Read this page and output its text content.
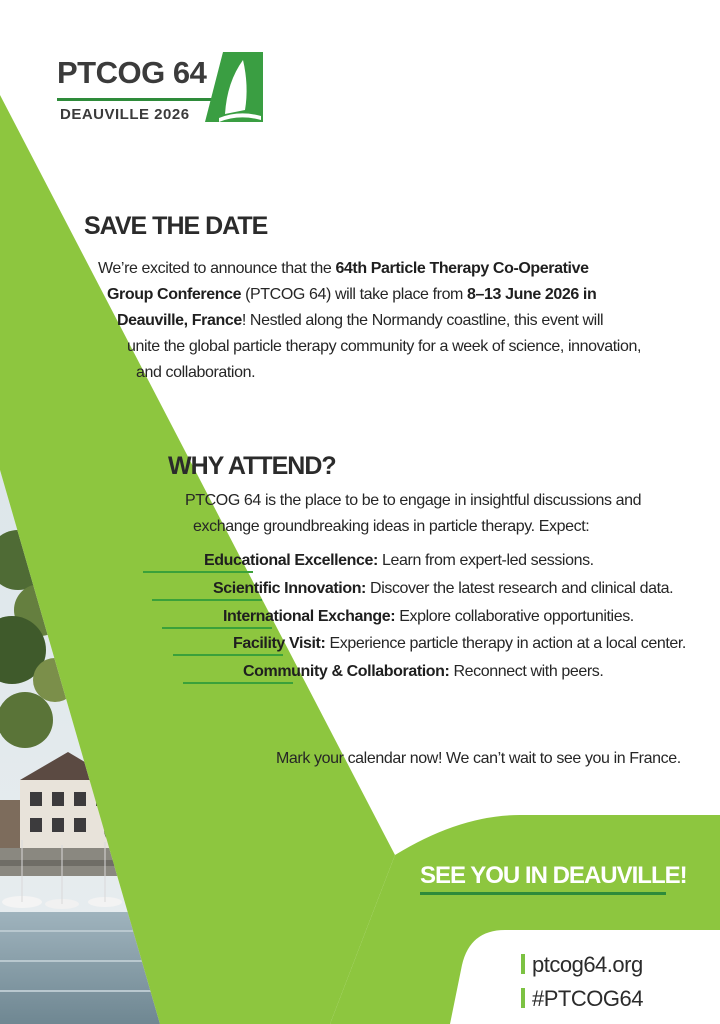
PTCOG 64
DEAUVILLE 2026
SAVE THE DATE
We’re excited to announce that the 64th Particle Therapy Co-Operative
Group Conference (PTCOG 64) will take place from 8–13 June 2026 in
Deauville, France! Nestled along the Normandy coastline, this event will
unite the global particle therapy community for a week of science, innovation,
and collaboration.
WHY ATTEND?
PTCOG 64 is the place to be to engage in insightful discussions and
exchange groundbreaking ideas in particle therapy. Expect:
Educational Excellence: Learn from expert-led sessions.
Scientific Innovation: Discover the latest research and clinical data.
International Exchange: Explore collaborative opportunities.
Facility Visit: Experience particle therapy in action at a local center.
Community & Collaboration: Reconnect with peers.
Mark your calendar now! We can’t wait to see you in France.
SEE YOU IN DEAUVILLE!
ptcog64.org
#PTCOG64
